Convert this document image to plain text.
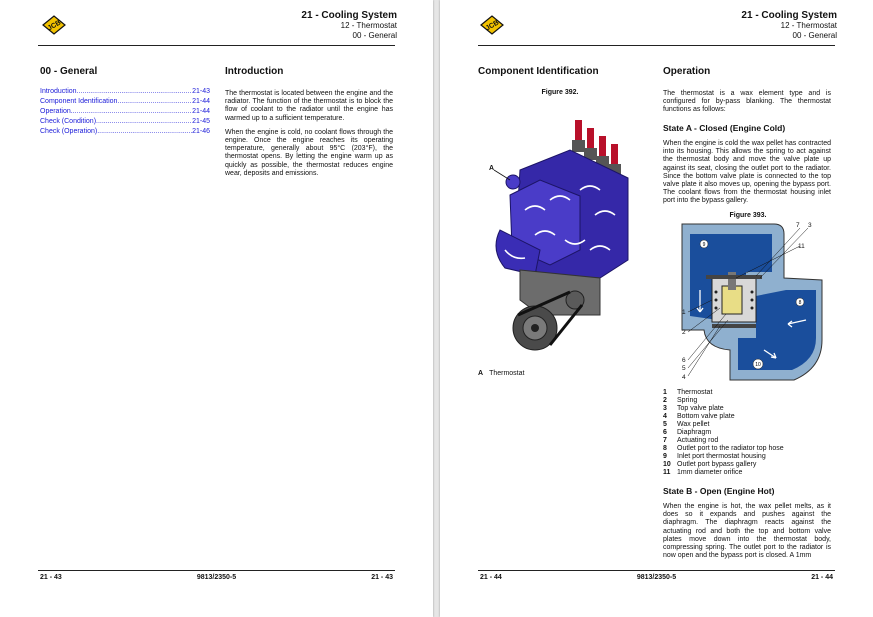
JCB
21 - Cooling System
12 - Thermostat
00 - General
00 - General
Introduction .....	21-43
Component Identification .....	21-44
Operation .....	21-44
Check (Condition) .....	21-45
Check (Operation) .....	21-46
Introduction

The thermostat is located between the engine and the radiator. The function of the thermostat is to block the flow of coolant to the radiator until the engine has warmed up to a sufficient temperature.

When the engine is cold, no coolant flows through the engine. Once the engine reaches its operating temperature, generally about 95°C (203°F), the thermostat opens. By letting the engine warm up as quickly as possible, the thermostat reduces engine wear, deposits and emissions.

21 - 43	9813/2350-5	21 - 43
JCB
21 - Cooling System
12 - Thermostat
00 - General
21 - 44	9813/2350-5	21 - 44
Component Identification
Figure 392.
A
A Thermostat
Operation
The thermostat is a wax element type and is configured for by-pass blanking. The thermostat functions as follows:
State A - Closed (Engine Cold)
When the engine is cold the wax pellet has contracted into its housing. This allows the spring to act against the thermostat body and move the valve plate up against its seat, closing the outlet port to the radiator. Since the bottom valve plate is connected to the top valve plate it also moves up, opening the bypass port. The coolant flows from the thermostat housing inlet port into the bypass gallery.
Figure 393.
9
8
10
7 3
11
1
2
6
5
4
1	Thermostat
2	Spring
3	Top valve plate
4	Bottom valve plate
5	Wax pellet
6	Diaphragm
7	Actuating rod
8	Outlet port to the radiator top hose
9	Inlet port thermostat housing
10 Outlet port bypass gallery
11 1mm diameter orifice
State B - Open (Engine Hot)
When the engine is hot, the wax pellet melts, as it does so it expands and pushes against the diaphragm. The diaphragm reacts against the actuating rod and both the top and bottom valve plates move down into the thermostat body, compressing spring. The outlet port to the radiator is now open and the bypass port is closed. A 1mm
